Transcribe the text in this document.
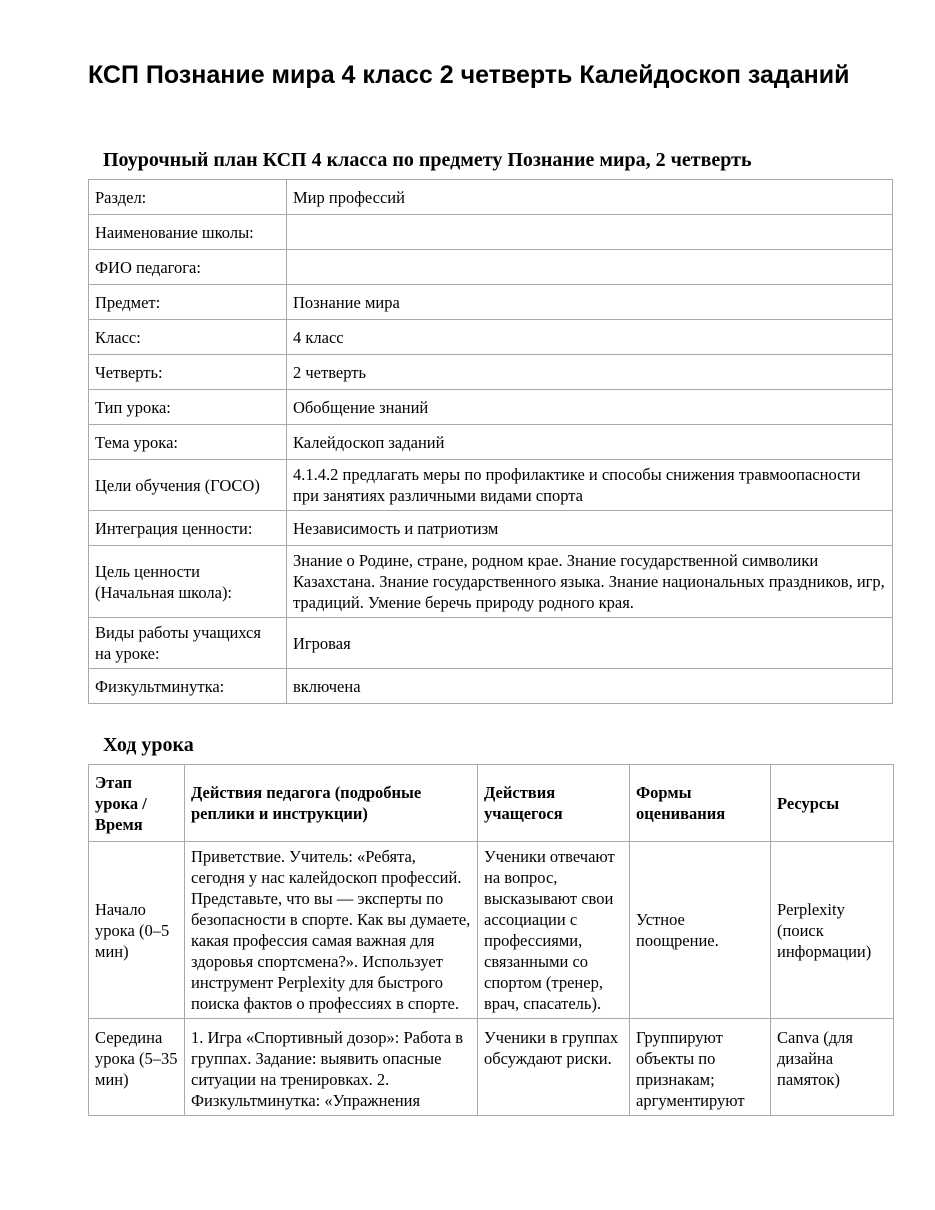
КСП Познание мира 4 класс 2 четверть Калейдоскоп заданий
Поурочный план КСП 4 класса по предмету Познание мира, 2 четверть
Раздел:	Мир профессий
Наименование школы:	
ФИО педагога:	
Предмет:	Познание мира
Класс:	4 класс
Четверть:	2 четверть
Тип урока:	Обобщение знаний
Тема урока:	Калейдоскоп заданий
Цели обучения (ГОСО)	4.1.4.2 предлагать меры по профилактике и способы снижения травмоопасности при занятиях различными видами спорта
Интеграция ценности:	Независимость и патриотизм
Цель ценности (Начальная школа):	Знание о Родине, стране, родном крае. Знание государственной символики Казахстана. Знание государственного языка. Знание национальных праздников, игр, традиций. Умение беречь природу родного края.
Виды работы учащихся на уроке:	Игровая
Физкультминутка:	включена
Ход урока
Этап урока / Время	Действия педагога (подробные реплики и инструкции)	Действия учащегося	Формы оценивания	Ресурсы
Начало урока (0–5 мин)	Приветствие. Учитель: «Ребята, сегодня у нас калейдоскоп профессий. Представьте, что вы — эксперты по безопасности в спорте. Как вы думаете, какая профессия самая важная для здоровья спортсмена?». Использует инструмент Perplexity для быстрого поиска фактов о профессиях в спорте.	Ученики отвечают на вопрос, высказывают свои ассоциации с профессиями, связанными со спортом (тренер, врач, спасатель).	Устное поощрение.	Perplexity (поиск информации)

Середина урока (5–35 мин)	1. Игра «Спортивный дозор»: Работа в группах. Задание: выявить опасные ситуации на тренировках. 2. Физкультминутка: «Упражнения	Ученики в группах обсуждают риски.	Группируют объекты по признакам; аргументируют	Canva (для дизайна памяток)
